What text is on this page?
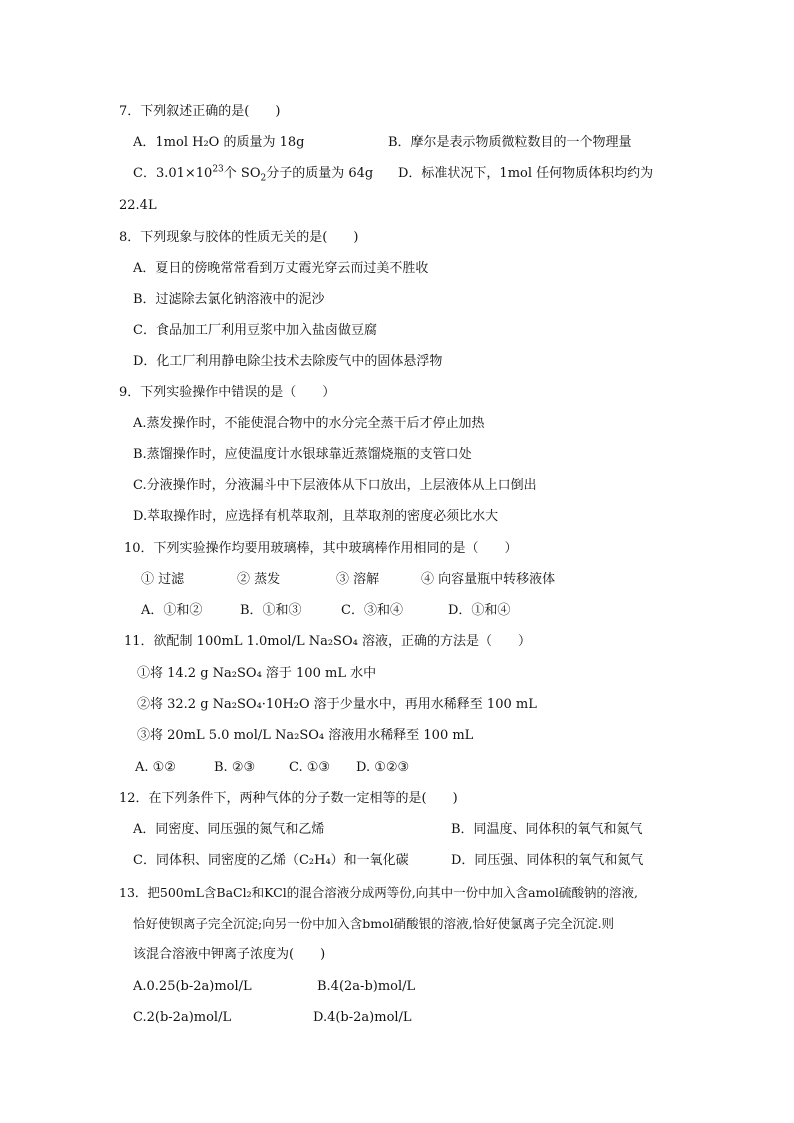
7．下列叙述正确的是(　　)
A．1mol H₂O 的质量为 18g	B．摩尔是表示物质微粒数目的一个物理量
C．$3.01\times 10^{23}$个 $SO_2$分子的质量为 64g D．标准状况下，1mol 任何物质体积均约为
22.4L
8．下列现象与胶体的性质无关的是(　　)
A．夏日的傍晚常常看到万丈霞光穿云而过美不胜收
B．过滤除去氯化钠溶液中的泥沙
C．食品加工厂利用豆浆中加入盐卤做豆腐
D．化工厂利用静电除尘技术去除废气中的固体悬浮物
9．下列实验操作中错误的是（　　）
A.蒸发操作时，不能使混合物中的水分完全蒸干后才停止加热
B.蒸馏操作时，应使温度计水银球靠近蒸馏烧瓶的支管口处
C.分液操作时，分液漏斗中下层液体从下口放出，上层液体从上口倒出
D.萃取操作时，应选择有机萃取剂，且萃取剂的密度必须比水大
10．下列实验操作均要用玻璃棒，其中玻璃棒作用相同的是（　　）
① 过滤	② 蒸发	③ 溶解	④ 向容量瓶中转移液体
A．①和②	B．①和③	C．③和④	D．①和④
11．欲配制 100mL 1.0mol/L Na₂SO₄ 溶液，正确的方法是（　　）
①将 14.2 g Na₂SO₄ 溶于 100 mL 水中
②将 32.2 g Na₂SO₄·10H₂O 溶于少量水中，再用水稀释至 100 mL
③将 20mL 5.0 mol/L Na₂SO₄ 溶液用水稀释至 100 mL
A. ①②	B. ②③	C. ①③ D. ①②③
12．在下列条件下，两种气体的分子数一定相等的是(　　)
A．同密度、同压强的氮气和乙烯	B．同温度、同体积的氧气和氮气
C．同体积、同密度的乙烯（C₂H₄）和一氧化碳	D．同压强、同体积的氧气和氮气
13．把500mL含BaCl₂和KCl的混合溶液分成两等份,向其中一份中加入含amol硫酸钠的溶液,
恰好使钡离子完全沉淀;向另一份中加入含bmol硝酸银的溶液,恰好使氯离子完全沉淀.则
该混合溶液中钾离子浓度为(　　)
A.0.25(b-2a)mol/L	B.4(2a-b)mol/L
C.2(b-2a)mol/L	D.4(b-2a)mol/L
